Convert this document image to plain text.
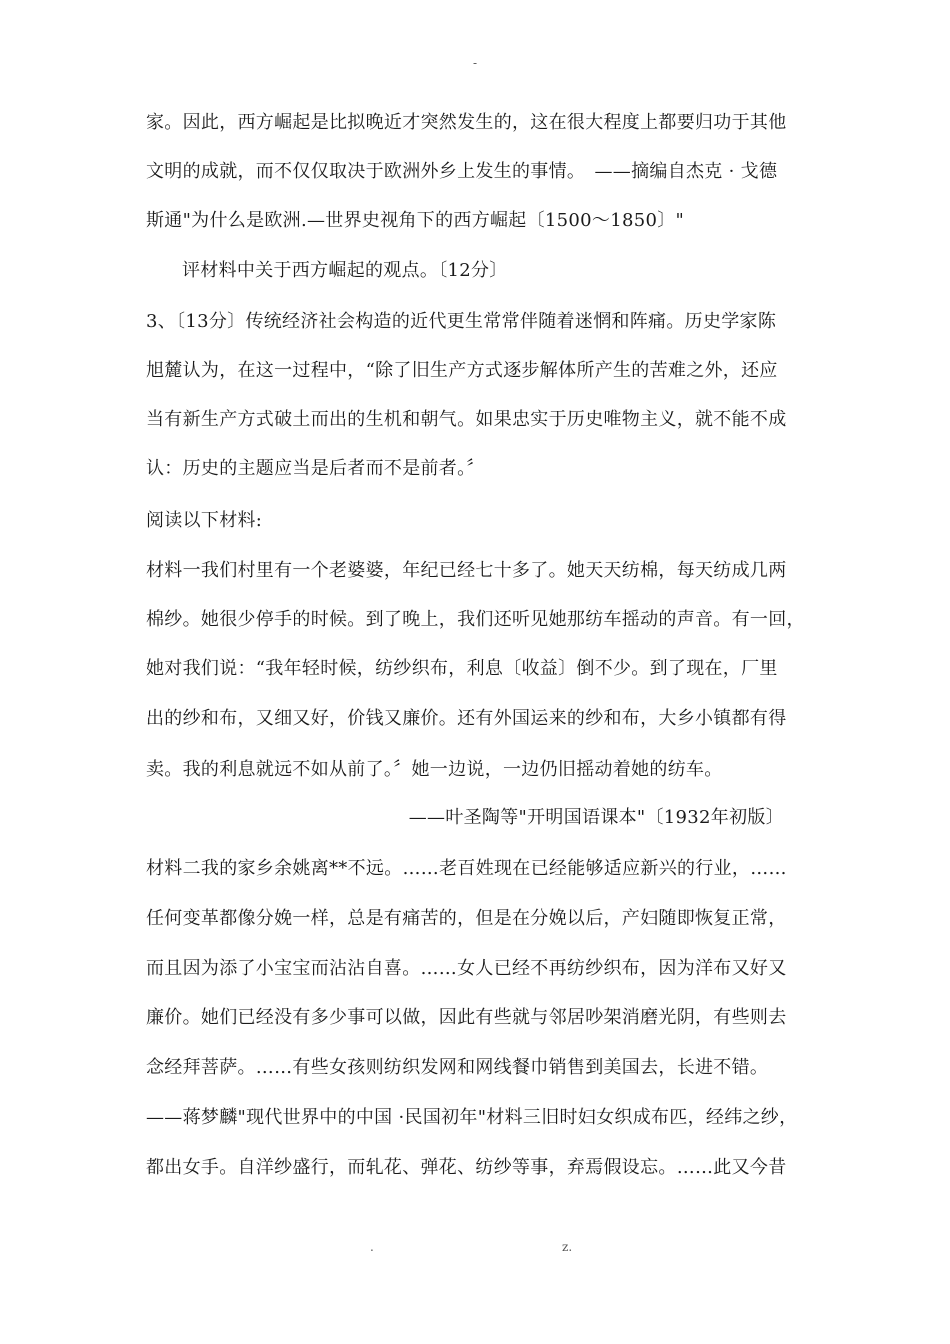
-
家。因此，西方崛起是比拟晚近才突然发生的，这在很大程度上都要归功于其他
文明的成就，而不仅仅取决于欧洲外乡上发生的事情。　——摘编自杰克 · 戈德
斯通"为什么是欧洲.—世界史视角下的西方崛起〔1500～1850〕"
评材料中关于西方崛起的观点。〔12分〕
3、〔13分〕传统经济社会构造的近代更生常常伴随着迷惘和阵痛。历史学家陈
旭麓认为，在这一过程中，“除了旧生产方式逐步解体所产生的苦难之外，还应
当有新生产方式破土而出的生机和朝气。如果忠实于历史唯物主义，就不能不成
认：历史的主题应当是后者而不是前者。〞
阅读以下材料:
材料一我们村里有一个老婆婆，年纪已经七十多了。她天天纺棉，每天纺成几两
棉纱。她很少停手的时候。到了晚上，我们还听见她那纺车摇动的声音。有一回，
她对我们说：“我年轻时候，纺纱织布，利息〔收益〕倒不少。到了现在，厂里
出的纱和布，又细又好，价钱又廉价。还有外国运来的纱和布，大乡小镇都有得
卖。我的利息就远不如从前了。〞她一边说，一边仍旧摇动着她的纺车。
——叶圣陶等"开明国语课本"〔1932年初版〕
材料二我的家乡余姚离**不远。……老百姓现在已经能够适应新兴的行业，……
任何变革都像分娩一样，总是有痛苦的，但是在分娩以后，产妇随即恢复正常，
而且因为添了小宝宝而沾沾自喜。……女人已经不再纺纱织布，因为洋布又好又
廉价。她们已经没有多少事可以做，因此有些就与邻居吵架消磨光阴，有些则去
念经拜菩萨。……有些女孩则纺织发网和网线餐巾销售到美国去，长进不错。
——蒋梦麟"现代世界中的中国 ·民国初年"材料三旧时妇女织成布匹，经纬之纱，
都出女手。自洋纱盛行，而轧花、弹花、纺纱等事，弃焉假设忘。……此又今昔
.	z.
